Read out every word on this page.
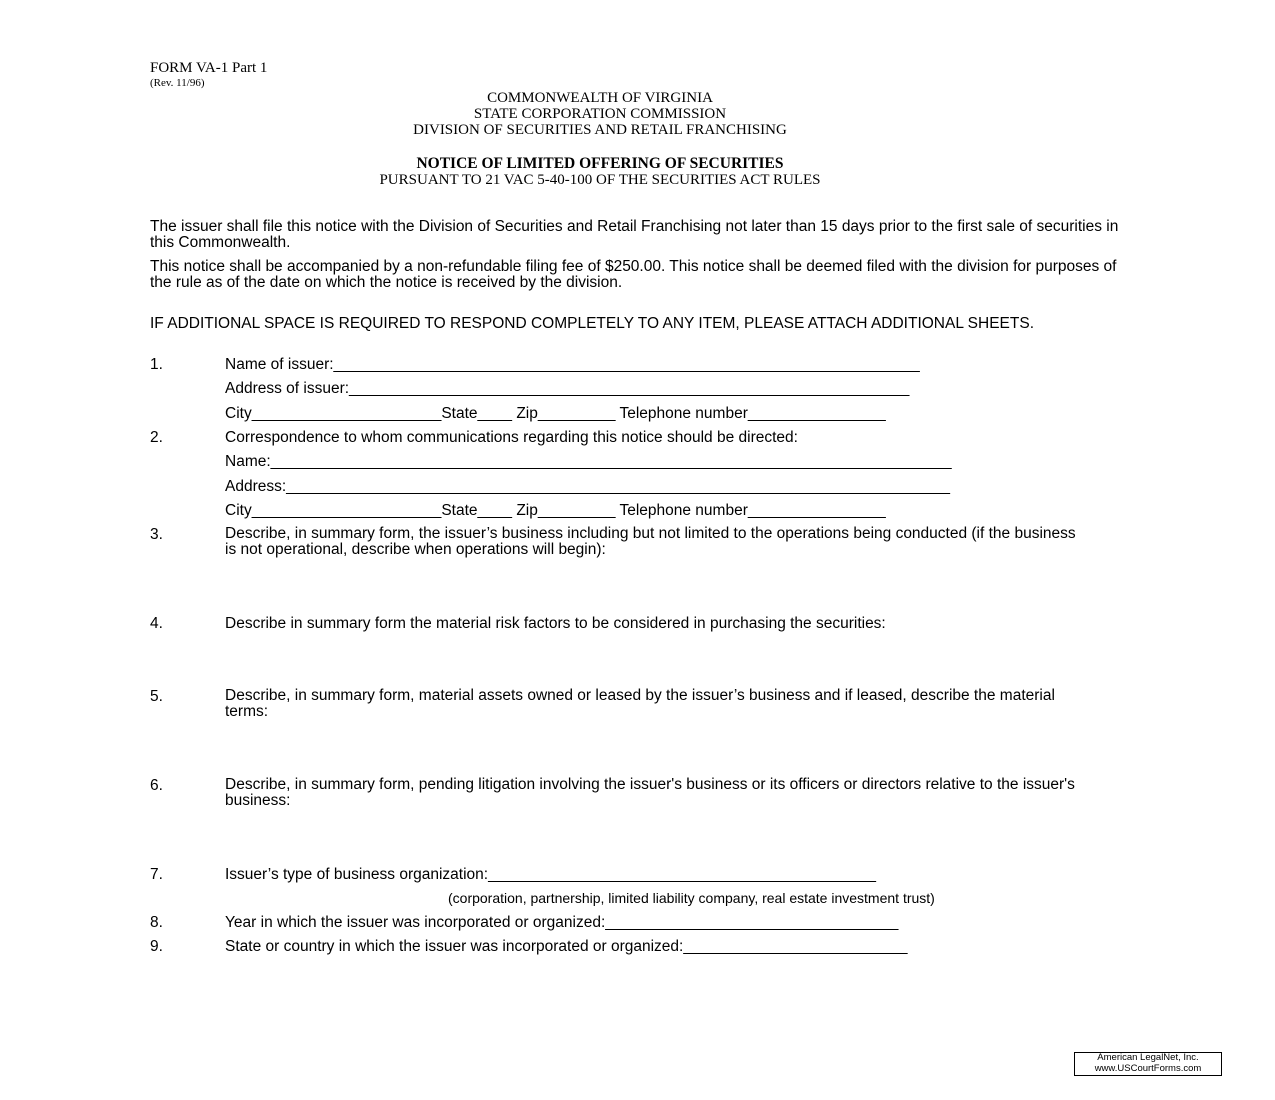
FORM VA-1 Part 1
(Rev. 11/96)
COMMONWEALTH OF VIRGINIA
STATE CORPORATION COMMISSION
DIVISION OF SECURITIES AND RETAIL FRANCHISING
NOTICE OF LIMITED OFFERING OF SECURITIES
PURSUANT TO 21 VAC 5-40-100 OF THE SECURITIES ACT RULES
The issuer shall file this notice with the Division of Securities and Retail Franchising not later than 15 days prior to the first sale of securities in this Commonwealth.
This notice shall be accompanied by a non-refundable filing fee of $250.00. This notice shall be deemed filed with the division for purposes of the rule as of the date on which the notice is received by the division.
IF ADDITIONAL SPACE IS REQUIRED TO RESPOND COMPLETELY TO ANY ITEM, PLEASE ATTACH ADDITIONAL SHEETS.
1.	Name of issuer:____________________________________________________________________
Address of issuer:_________________________________________________________________
City______________________State____ Zip_________ Telephone number________________
2.	Correspondence to whom communications regarding this notice should be directed:
Name:_______________________________________________________________________________
Address:_____________________________________________________________________________
City______________________State____ Zip_________ Telephone number________________
3.	Describe, in summary form, the issuer’s business including but not limited to the operations being conducted (if the business is not operational, describe when operations will begin):
4.	Describe in summary form the material risk factors to be considered in purchasing the securities:
5.	Describe, in summary form, material assets owned or leased by the issuer’s business and if leased, describe the material terms:
6.	Describe, in summary form, pending litigation involving the issuer's business or its officers or directors relative to the issuer's business:
7.	Issuer’s type of business organization:_____________________________________________
(corporation, partnership, limited liability company, real estate investment trust)
8.	Year in which the issuer was incorporated or organized:__________________________________
9.	State or country in which the issuer was incorporated or organized:__________________________
American LegalNet, Inc.
www.USCourtForms.com
